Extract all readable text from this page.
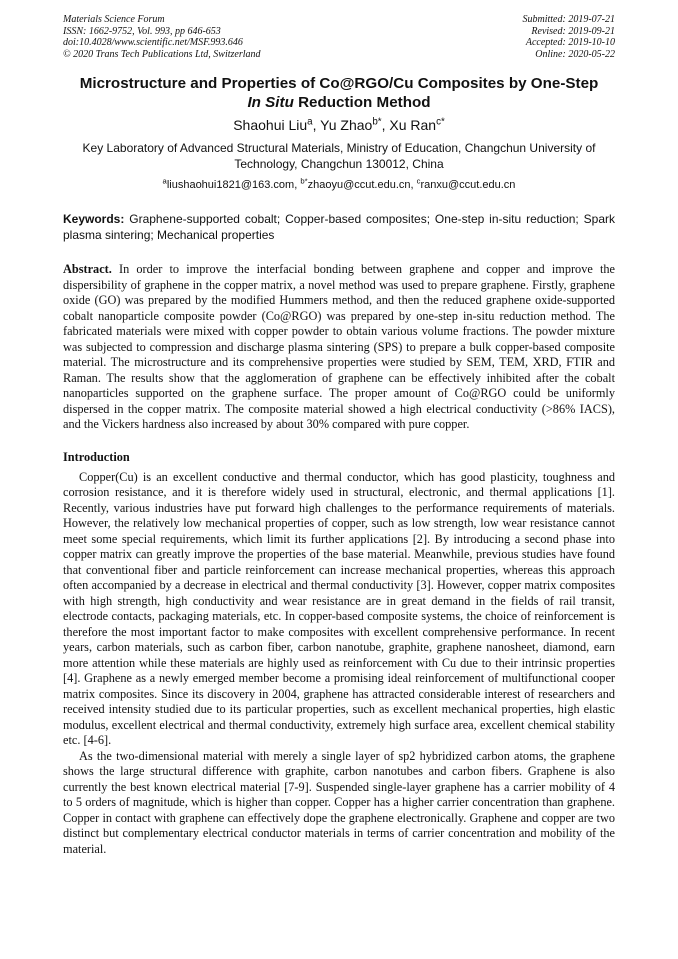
Materials Science Forum
ISSN: 1662-9752, Vol. 993, pp 646-653
doi:10.4028/www.scientific.net/MSF.993.646
© 2020 Trans Tech Publications Ltd, Switzerland
Submitted: 2019-07-21
Revised: 2019-09-21
Accepted: 2019-10-10
Online: 2020-05-22
Microstructure and Properties of Co@RGO/Cu Composites by One-Step
In Situ Reduction Method
Shaohui Liu$^a$, Yu Zhao$^{b*}$, Xu Ran$^{c*}$
Key Laboratory of Advanced Structural Materials, Ministry of Education, Changchun University of Technology, Changchun 130012, China
$^a$liushaohui1821@163.com, $^{b*}$zhaoyu@ccut.edu.cn, $^c$ranxu@ccut.edu.cn
Keywords: Graphene-supported cobalt; Copper-based composites; One-step in-situ reduction; Spark plasma sintering; Mechanical properties
Abstract. In order to improve the interfacial bonding between graphene and copper and improve the dispersibility of graphene in the copper matrix, a novel method was used to prepare graphene. Firstly, graphene oxide (GO) was prepared by the modified Hummers method, and then the reduced graphene oxide-supported cobalt nanoparticle composite powder (Co@RGO) was prepared by one-step in-situ reduction method. The fabricated materials were mixed with copper powder to obtain various volume fractions. The powder mixture was subjected to compression and discharge plasma sintering (SPS) to prepare a bulk copper-based composite material. The microstructure and its comprehensive properties were studied by SEM, TEM, XRD, FTIR and Raman. The results show that the agglomeration of graphene can be effectively inhibited after the cobalt nanoparticles supported on the graphene surface. The proper amount of Co@RGO could be uniformly dispersed in the copper matrix. The composite material showed a high electrical conductivity (>86% IACS), and the Vickers hardness also increased by about 30% compared with pure copper.
Introduction
Copper(Cu) is an excellent conductive and thermal conductor, which has good plasticity, toughness and corrosion resistance, and it is therefore widely used in structural, electronic, and thermal applications [1]. Recently, various industries have put forward high challenges to the performance requirements of materials. However, the relatively low mechanical properties of copper, such as low strength, low wear resistance cannot meet some special requirements, which limit its further applications [2]. By introducing a second phase into copper matrix can greatly improve the properties of the base material. Meanwhile, previous studies have found that conventional fiber and particle reinforcement can increase mechanical properties, whereas this approach often accompanied by a decrease in electrical and thermal conductivity [3]. However, copper matrix composites with high strength, high conductivity and wear resistance are in great demand in the fields of rail transit, electrode contacts, packaging materials, etc. In copper-based composite systems, the choice of reinforcement is therefore the most important factor to make composites with excellent comprehensive performance. In recent years, carbon materials, such as carbon fiber, carbon nanotube, graphite, graphene nanosheet, diamond, earn more attention while these materials are highly used as reinforcement with Cu due to their intrinsic properties [4]. Graphene as a newly emerged member become a promising ideal reinforcement of multifunctional cooper matrix composites. Since its discovery in 2004, graphene has attracted considerable interest of researchers and received intensity studied due to its particular properties, such as excellent mechanical properties, high elastic modulus, excellent electrical and thermal conductivity, extremely high surface area, excellent chemical stability etc. [4-6].
As the two-dimensional material with merely a single layer of sp2 hybridized carbon atoms, the graphene shows the large structural difference with graphite, carbon nanotubes and carbon fibers. Graphene is also currently the best known electrical material [7-9]. Suspended single-layer graphene has a carrier mobility of 4 to 5 orders of magnitude, which is higher than copper. Copper has a higher carrier concentration than graphene. Copper in contact with graphene can effectively dope the graphene electronically. Graphene and copper are two distinct but complementary electrical conductor materials in terms of carrier concentration and mobility of the material.
